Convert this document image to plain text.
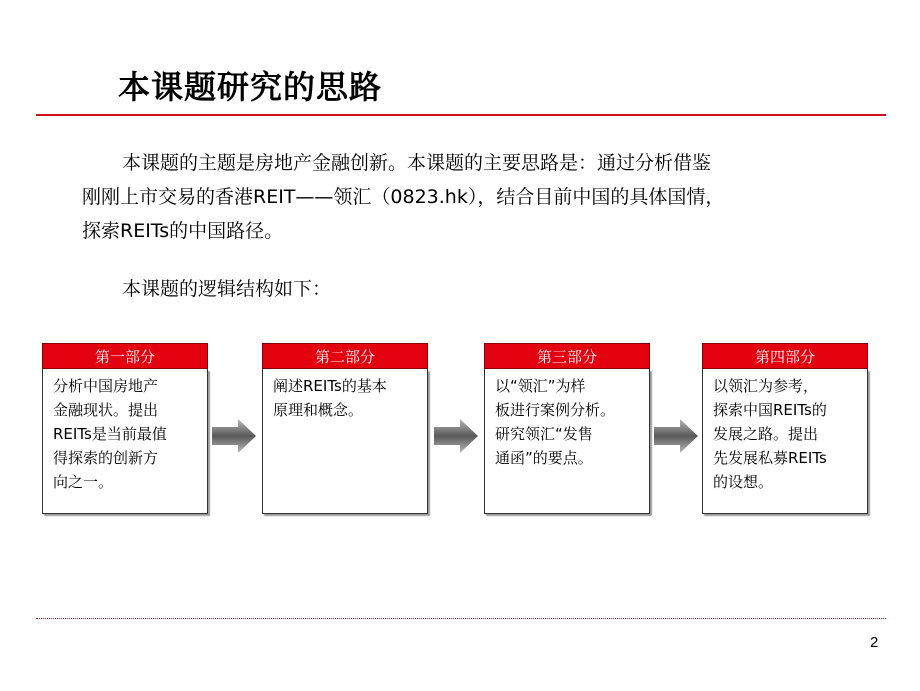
本课题研究的思路
本课题的主题是房地产金融创新。本课题的主要思路是：通过分析借鉴
刚刚上市交易的香港REIT——领汇（0823.hk），结合目前中国的具体国情，
探索REITs的中国路径。
本课题的逻辑结构如下：
第一部分
分析中国房地产
金融现状。提出
REITs是当前最值
得探索的创新方
向之一。
第二部分
阐述REITs的基本
原理和概念。
第三部分
以“领汇”为样
板进行案例分析。
研究领汇“发售
通函”的要点。
第四部分
以领汇为参考，
探索中国REITs的
发展之路。提出
先发展私募REITs
的设想。
2
